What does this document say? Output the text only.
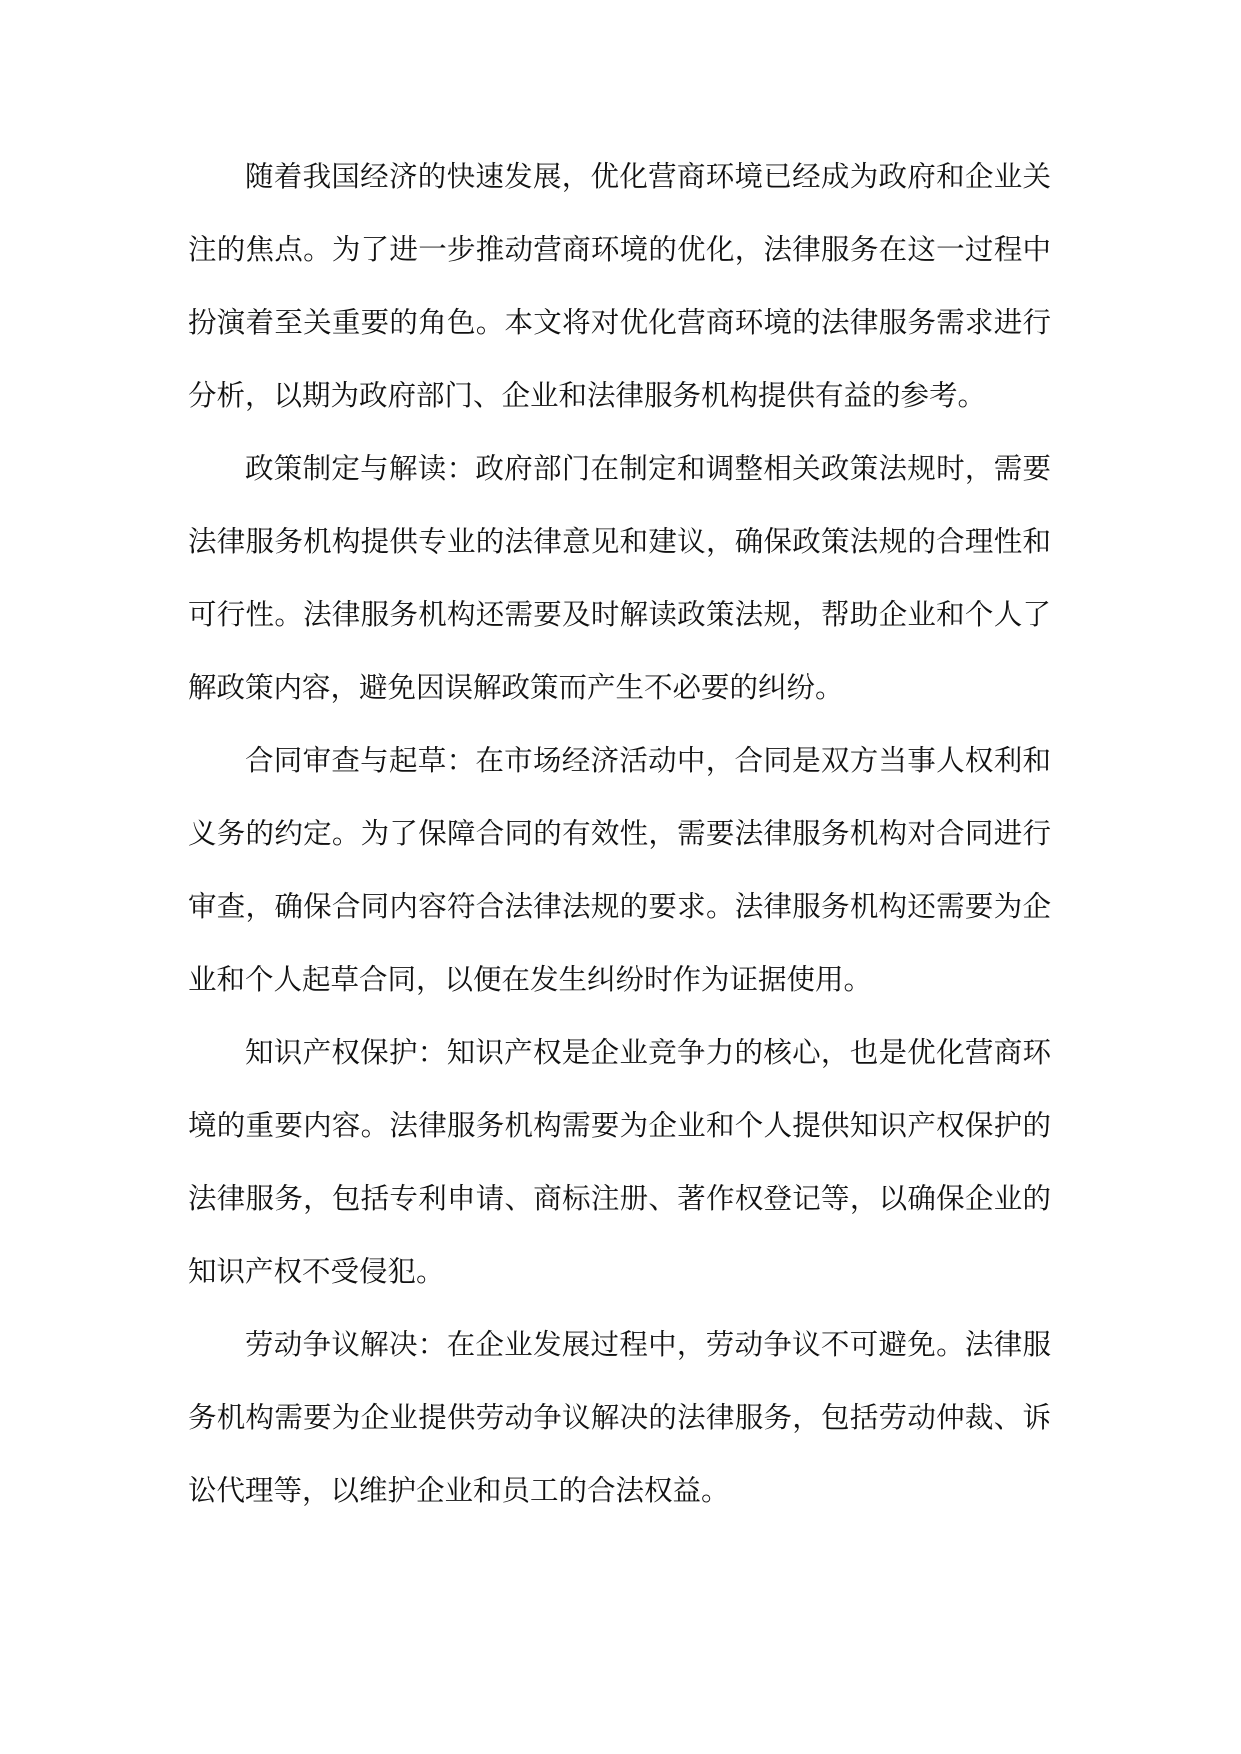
随着我国经济的快速发展，优化营商环境已经成为政府和企业关注的焦点。为了进一步推动营商环境的优化，法律服务在这一过程中扮演着至关重要的角色。本文将对优化营商环境的法律服务需求进行分析，以期为政府部门、企业和法律服务机构提供有益的参考。

政策制定与解读：政府部门在制定和调整相关政策法规时，需要法律服务机构提供专业的法律意见和建议，确保政策法规的合理性和可行性。法律服务机构还需要及时解读政策法规，帮助企业和个人了解政策内容，避免因误解政策而产生不必要的纠纷。

合同审查与起草：在市场经济活动中，合同是双方当事人权利和义务的约定。为了保障合同的有效性，需要法律服务机构对合同进行审查，确保合同内容符合法律法规的要求。法律服务机构还需要为企业和个人起草合同，以便在发生纠纷时作为证据使用。

知识产权保护：知识产权是企业竞争力的核心，也是优化营商环境的重要内容。法律服务机构需要为企业和个人提供知识产权保护的法律服务，包括专利申请、商标注册、著作权登记等，以确保企业的知识产权不受侵犯。

劳动争议解决：在企业发展过程中，劳动争议不可避免。法律服务机构需要为企业提供劳动争议解决的法律服务，包括劳动仲裁、诉讼代理等，以维护企业和员工的合法权益。
